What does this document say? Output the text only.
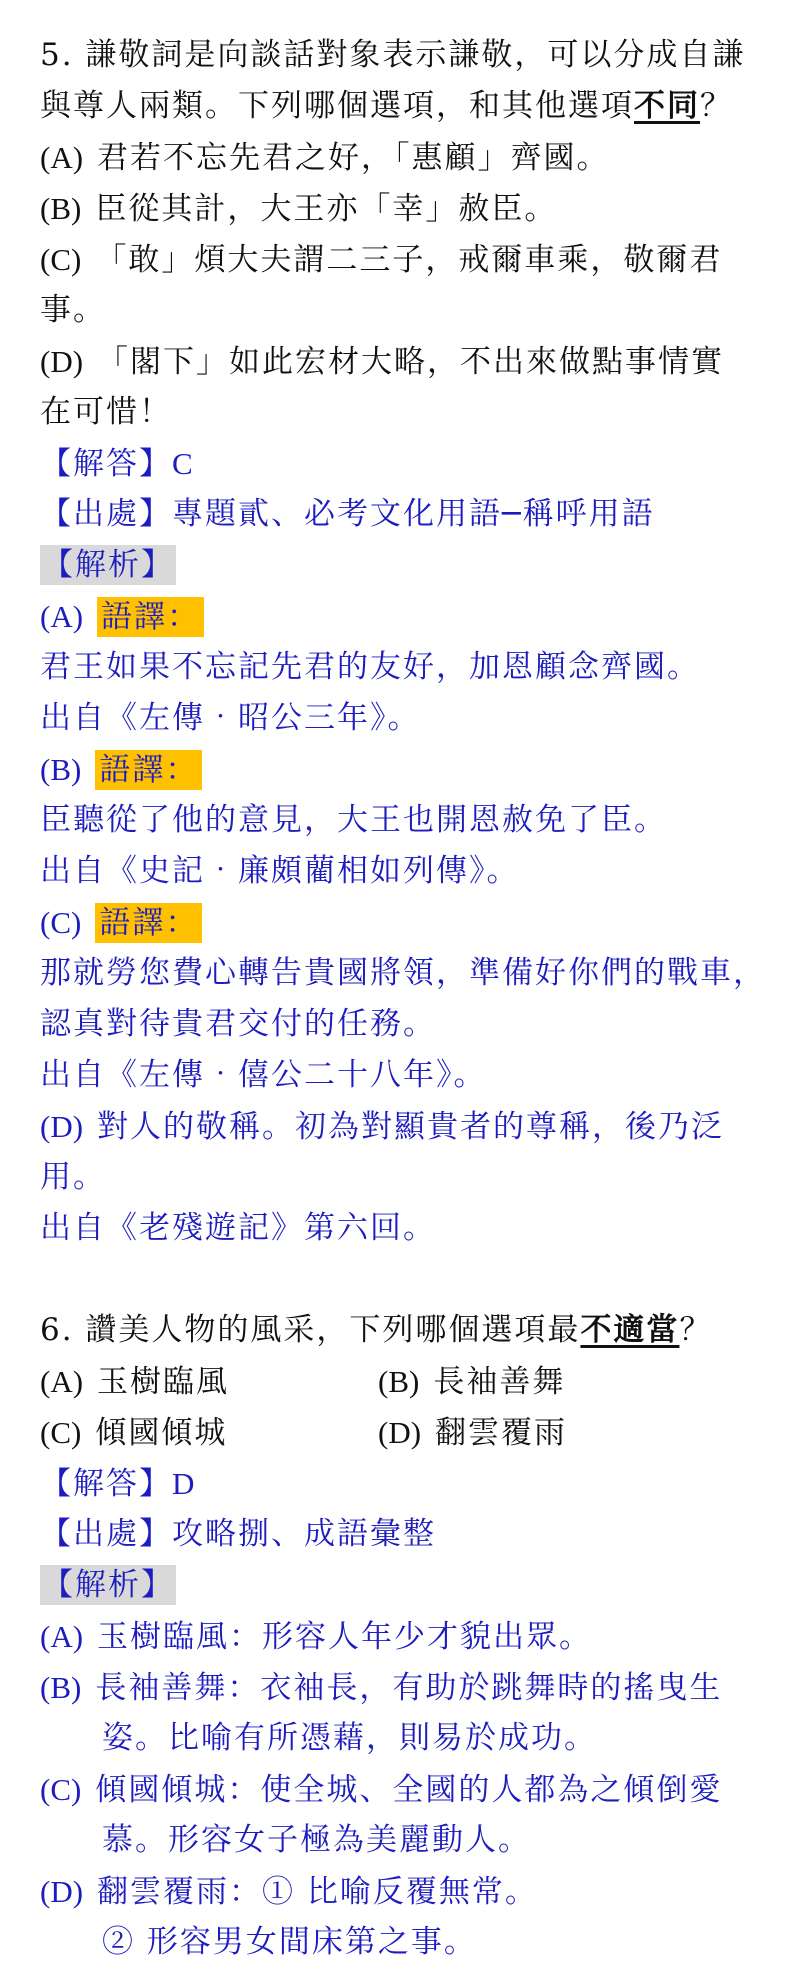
5. 謙敬詞是向談話對象表示謙敬，可以分成自謙
與尊人兩類。下列哪個選項，和其他選項不同？
(A) 君若不忘先君之好，「惠顧」齊國。
(B) 臣從其計，大王亦「幸」赦臣。
(C) 「敢」煩大夫謂二三子，戒爾車乘，敬爾君
事。
(D) 「閣下」如此宏材大略，不出來做點事情實
在可惜！
【解答】C
【出處】專題貳、必考文化用語─稱呼用語
【解析】
(A) 語譯：
君王如果不忘記先君的友好，加恩顧念齊國。
出自《左傳‧昭公三年》。
(B) 語譯：
臣聽從了他的意見，大王也開恩赦免了臣。
出自《史記‧廉頗藺相如列傳》。
(C) 語譯：
那就勞您費心轉告貴國將領，準備好你們的戰車，
認真對待貴君交付的任務。
出自《左傳‧僖公二十八年》。
(D) 對人的敬稱。初為對顯貴者的尊稱，後乃泛
用。
出自《老殘遊記》第六回。
6. 讚美人物的風采，下列哪個選項最不適當？
(A) 玉樹臨風	(B) 長袖善舞
(C) 傾國傾城	(D) 翻雲覆雨
【解答】D
【出處】攻略捌、成語彙整
【解析】
(A) 玉樹臨風：形容人年少才貌出眾。
(B) 長袖善舞：衣袖長，有助於跳舞時的搖曳生
姿。比喻有所憑藉，則易於成功。
(C) 傾國傾城：使全城、全國的人都為之傾倒愛
慕。形容女子極為美麗動人。
(D) 翻雲覆雨：① 比喻反覆無常。
② 形容男女間床第之事。
